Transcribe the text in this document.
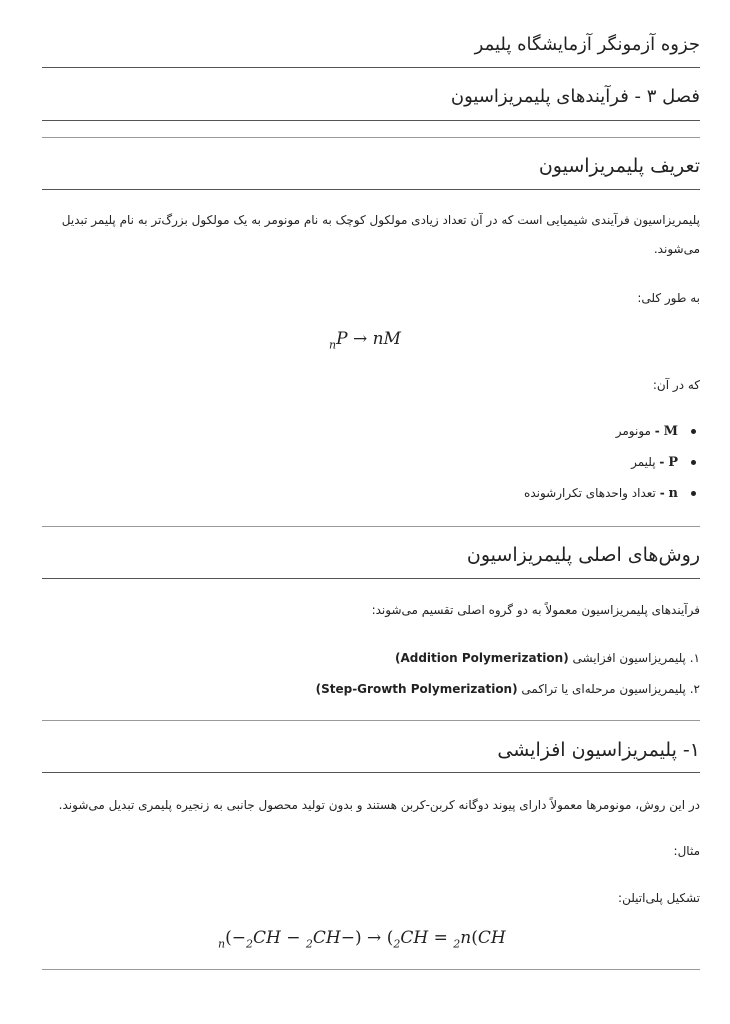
جزوه آزمونگر آزمایشگاه پلیمر
فصل ۳ - فرآیندهای پلیمریزاسیون
تعریف پلیمریزاسیون
پلیمریزاسیون فرآیندی شیمیایی است که در آن تعداد زیادی مولکول کوچک به نام مونومر به یک مولکول بزرگ‌تر به نام پلیمر تبدیل می‌شوند.
به طور کلی:
$_n$P → nM
که در آن:
M - مونومر
P - پلیمر
n - تعداد واحدهای تکرارشونده
روش‌های اصلی پلیمریزاسیون
فرآیندهای پلیمریزاسیون معمولاً به دو گروه اصلی تقسیم می‌شوند:
۱. پلیمریزاسیون افزایشی (Addition Polymerization)
۲. پلیمریزاسیون مرحله‌ای یا تراکمی (Step-Growth Polymerization)
۱- پلیمریزاسیون افزایشی
در این روش، مونومرها معمولاً دارای پیوند دوگانه کربن-کربن هستند و بدون تولید محصول جانبی به زنجیره پلیمری تبدیل می‌شوند.
مثال:
تشکیل پلی‌اتیلن:
$_n(-_2CH - _2CH-) \to (_2CH = _2n(CH$
